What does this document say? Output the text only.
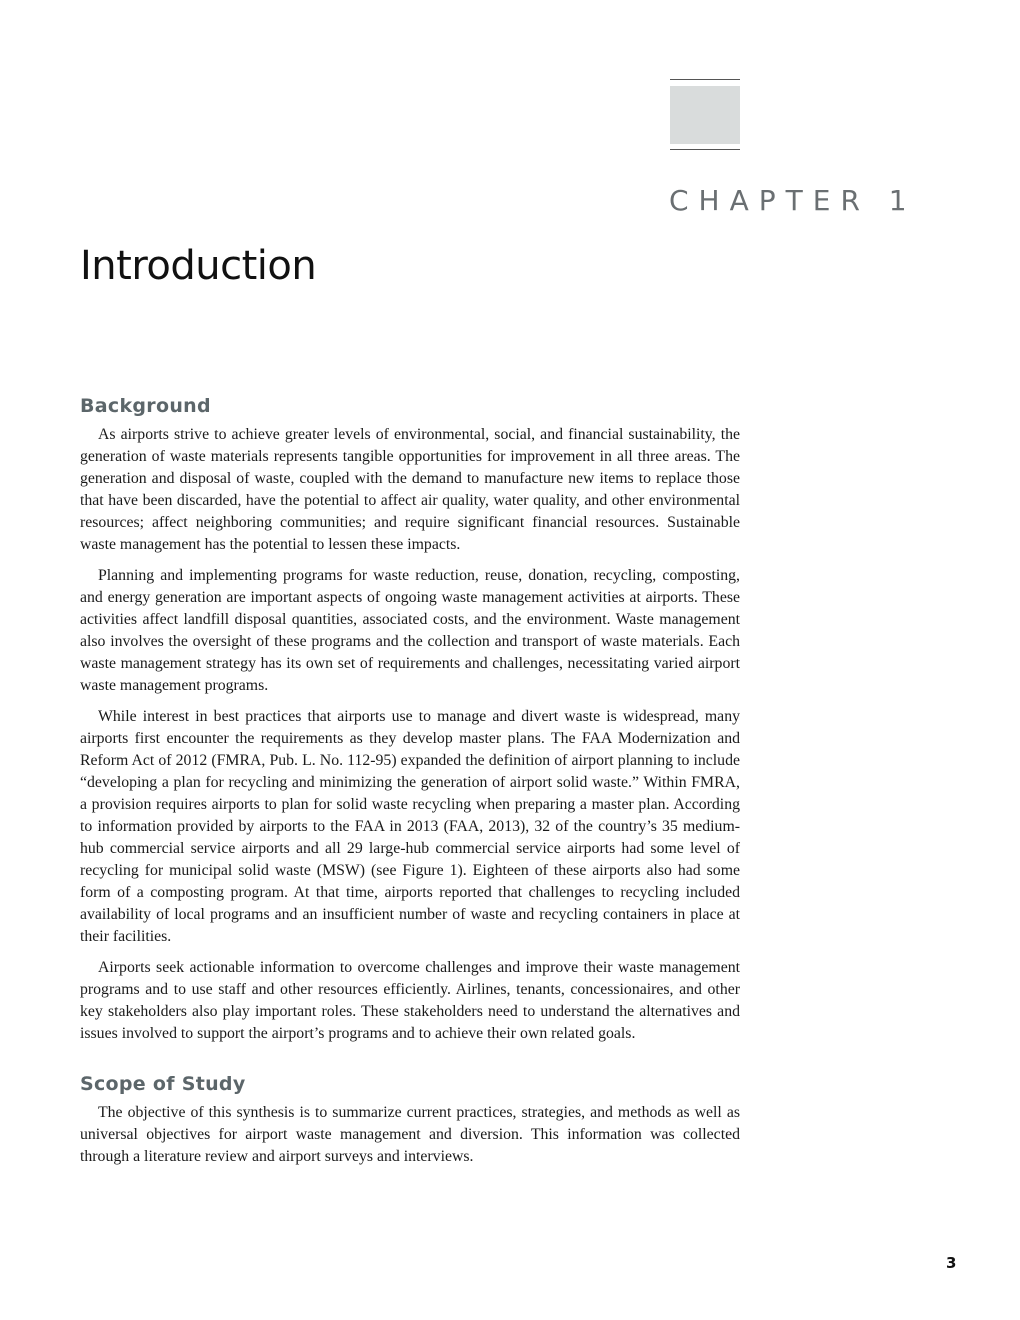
CHAPTER 1
Introduction
Background

As airports strive to achieve greater levels of environmental, social, and financial sustainability, the generation of waste materials represents tangible opportunities for improvement in all three areas. The generation and disposal of waste, coupled with the demand to manufacture new items to replace those that have been discarded, have the potential to affect air quality, water quality, and other environmental resources; affect neighboring communities; and require significant financial resources. Sustainable waste management has the potential to lessen these impacts.

Planning and implementing programs for waste reduction, reuse, donation, recycling, composting, and energy generation are important aspects of ongoing waste management activities at airports. These activities affect landfill disposal quantities, associated costs, and the environment. Waste management also involves the oversight of these programs and the collection and transport of waste materials. Each waste management strategy has its own set of requirements and challenges, necessitating varied airport waste management programs.

While interest in best practices that airports use to manage and divert waste is widespread, many airports first encounter the requirements as they develop master plans. The FAA Modernization and Reform Act of 2012 (FMRA, Pub. L. No. 112-95) expanded the definition of airport planning to include “developing a plan for recycling and minimizing the generation of airport solid waste.” Within FMRA, a provision requires airports to plan for solid waste recycling when preparing a master plan. According to information provided by airports to the FAA in 2013 (FAA, 2013), 32 of the country’s 35 medium-hub commercial service airports and all 29 large-hub commercial service airports had some level of recycling for municipal solid waste (MSW) (see Figure 1). Eighteen of these airports also had some form of a composting program. At that time, airports reported that challenges to recycling included availability of local programs and an insufficient number of waste and recycling containers in place at their facilities.

Airports seek actionable information to overcome challenges and improve their waste management programs and to use staff and other resources efficiently. Airlines, tenants, concessionaires, and other key stakeholders also play important roles. These stakeholders need to understand the alternatives and issues involved to support the airport’s programs and to achieve their own related goals.

Scope of Study

The objective of this synthesis is to summarize current practices, strategies, and methods as well as universal objectives for airport waste management and diversion. This information was collected through a literature review and airport surveys and interviews.

3
